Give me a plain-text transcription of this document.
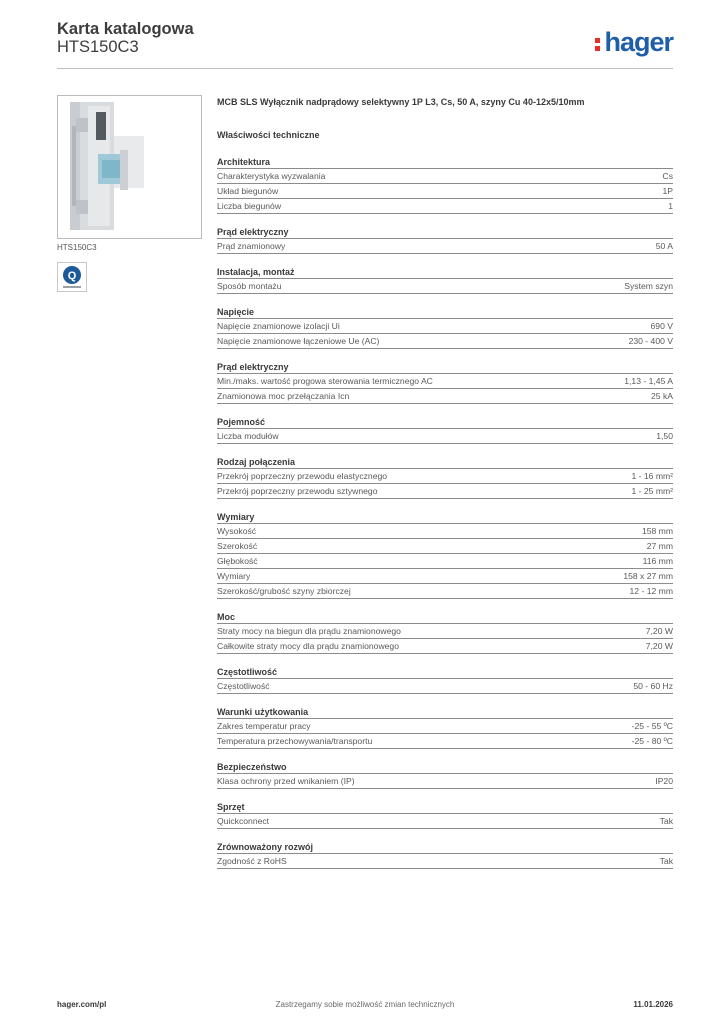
Karta katalogowa
HTS150C3	hager
HTS150C3
Q
MCB SLS Wyłącznik nadprądowy selektywny 1P L3, Cs, 50 A, szyny Cu 40-12x5/10mm
Właściwości techniczne
Architektura
Charakterystyka wyzwalania	Cs
Układ biegunów	1P
Liczba biegunów	1
Prąd elektryczny
Prąd znamionowy	50 A
Instalacja, montaż
Sposób montażu	System szyn
Napięcie
Napięcie znamionowe izolacji Ui	690 V
Napięcie znamionowe łączeniowe Ue (AC)	230 - 400 V
Prąd elektryczny
Min./maks. wartość progowa sterowania termicznego AC	1,13 - 1,45 A
Znamionowa moc przełączania Icn	25 kA
Pojemność
Liczba modułów	1,50
Rodzaj połączenia
Przekrój poprzeczny przewodu elastycznego	1 - 16 mm²
Przekrój poprzeczny przewodu sztywnego	1 - 25 mm²
Wymiary
Wysokość	158 mm
Szerokość	27 mm
Głębokość	116 mm
Wymiary	158 x 27 mm
Szerokość/grubość szyny zbiorczej	12 - 12 mm
Moc
Straty mocy na biegun dla prądu znamionowego	7,20 W
Całkowite straty mocy dla prądu znamionowego	7,20 W
Częstotliwość
Częstotliwość	50 - 60 Hz
Warunki użytkowania
Zakres temperatur pracy	-25 - 55 ºC
Temperatura przechowywania/transportu	-25 - 80 ºC
Bezpieczeństwo
Klasa ochrony przed wnikaniem (IP)	IP20
Sprzęt
Quickconnect	Tak
Zrównoważony rozwój
Zgodność z RoHS	Tak
hager.com/pl	Zastrzegamy sobie możliwość zmian technicznych	11.01.2026
